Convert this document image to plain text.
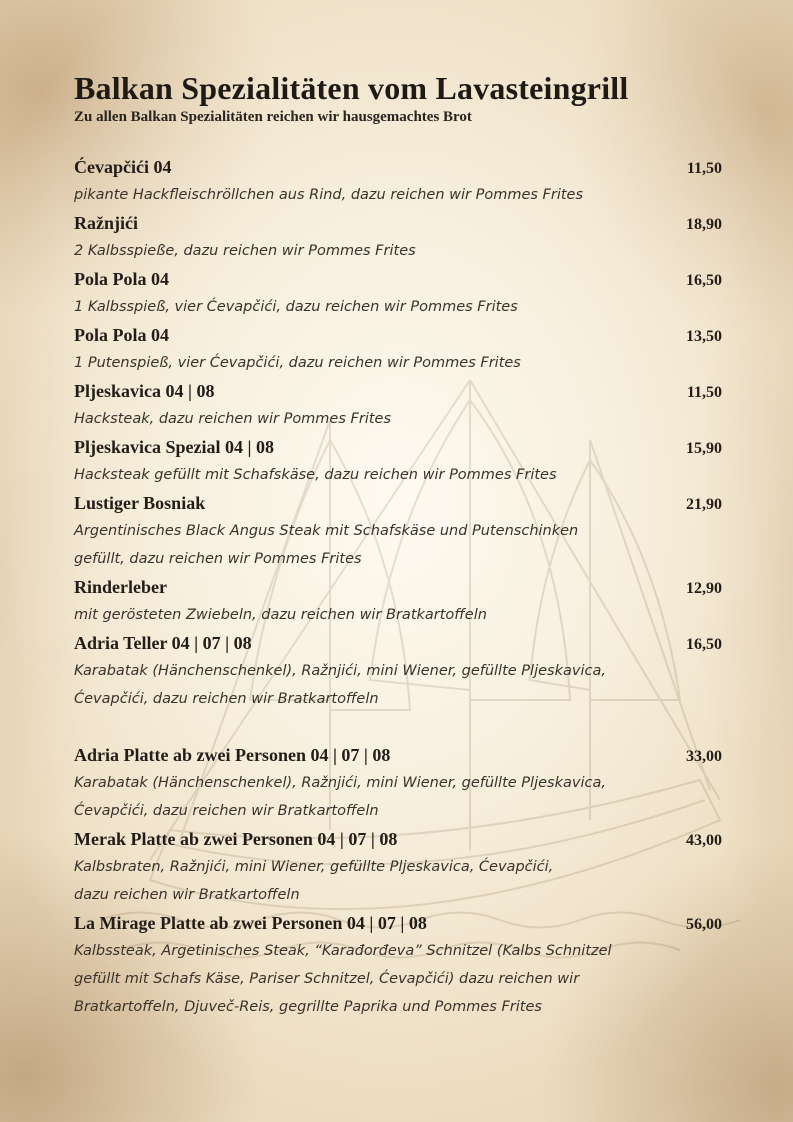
Balkan Spezialitäten vom Lavasteingrill

Zu allen Balkan Spezialitäten reichen wir hausgemachtes Brot

Ćevapčići 04	11,50
pikante Hackfleischröllchen aus Rind, dazu reichen wir Pommes Frites
Ražnjići	18,90
2 Kalbsspieße, dazu reichen wir Pommes Frites
Pola Pola 04	16,50
1 Kalbsspieß, vier Ćevapčići, dazu reichen wir Pommes Frites
Pola Pola 04	13,50
1 Putenspieß, vier Ćevapčići, dazu reichen wir Pommes Frites
Pljeskavica 04 | 08	11,50
Hacksteak, dazu reichen wir Pommes Frites
Pljeskavica Spezial 04 | 08	15,90
Hacksteak gefüllt mit Schafskäse, dazu reichen wir Pommes Frites
Lustiger Bosniak	21,90
Argentinisches Black Angus Steak mit Schafskäse und Putenschinken
gefüllt, dazu reichen wir Pommes Frites
Rinderleber	12,90
mit gerösteten Zwiebeln, dazu reichen wir Bratkartoffeln
Adria Teller 04 | 07 | 08	16,50
Karabatak (Hänchenschenkel), Ražnjići, mini Wiener, gefüllte Pljeskavica,
Ćevapčići, dazu reichen wir Bratkartoffeln
Adria Platte ab zwei Personen 04 | 07 | 08	33,00
Karabatak (Hänchenschenkel), Ražnjići, mini Wiener, gefüllte Pljeskavica,
Ćevapčići, dazu reichen wir Bratkartoffeln
Merak Platte ab zwei Personen 04 | 07 | 08	43,00
Kalbsbraten, Ražnjići, mini Wiener, gefüllte Pljeskavica, Ćevapčići,
dazu reichen wir Bratkartoffeln
La Mirage Platte ab zwei Personen 04 | 07 | 08	56,00
Kalbssteak, Argetinisches Steak, “Karađorđeva” Schnitzel (Kalbs Schnitzel
gefüllt mit Schafs Käse, Pariser Schnitzel, Ćevapčići) dazu reichen wir
Bratkartoffeln, Djuveč-Reis, gegrillte Paprika und Pommes Frites
